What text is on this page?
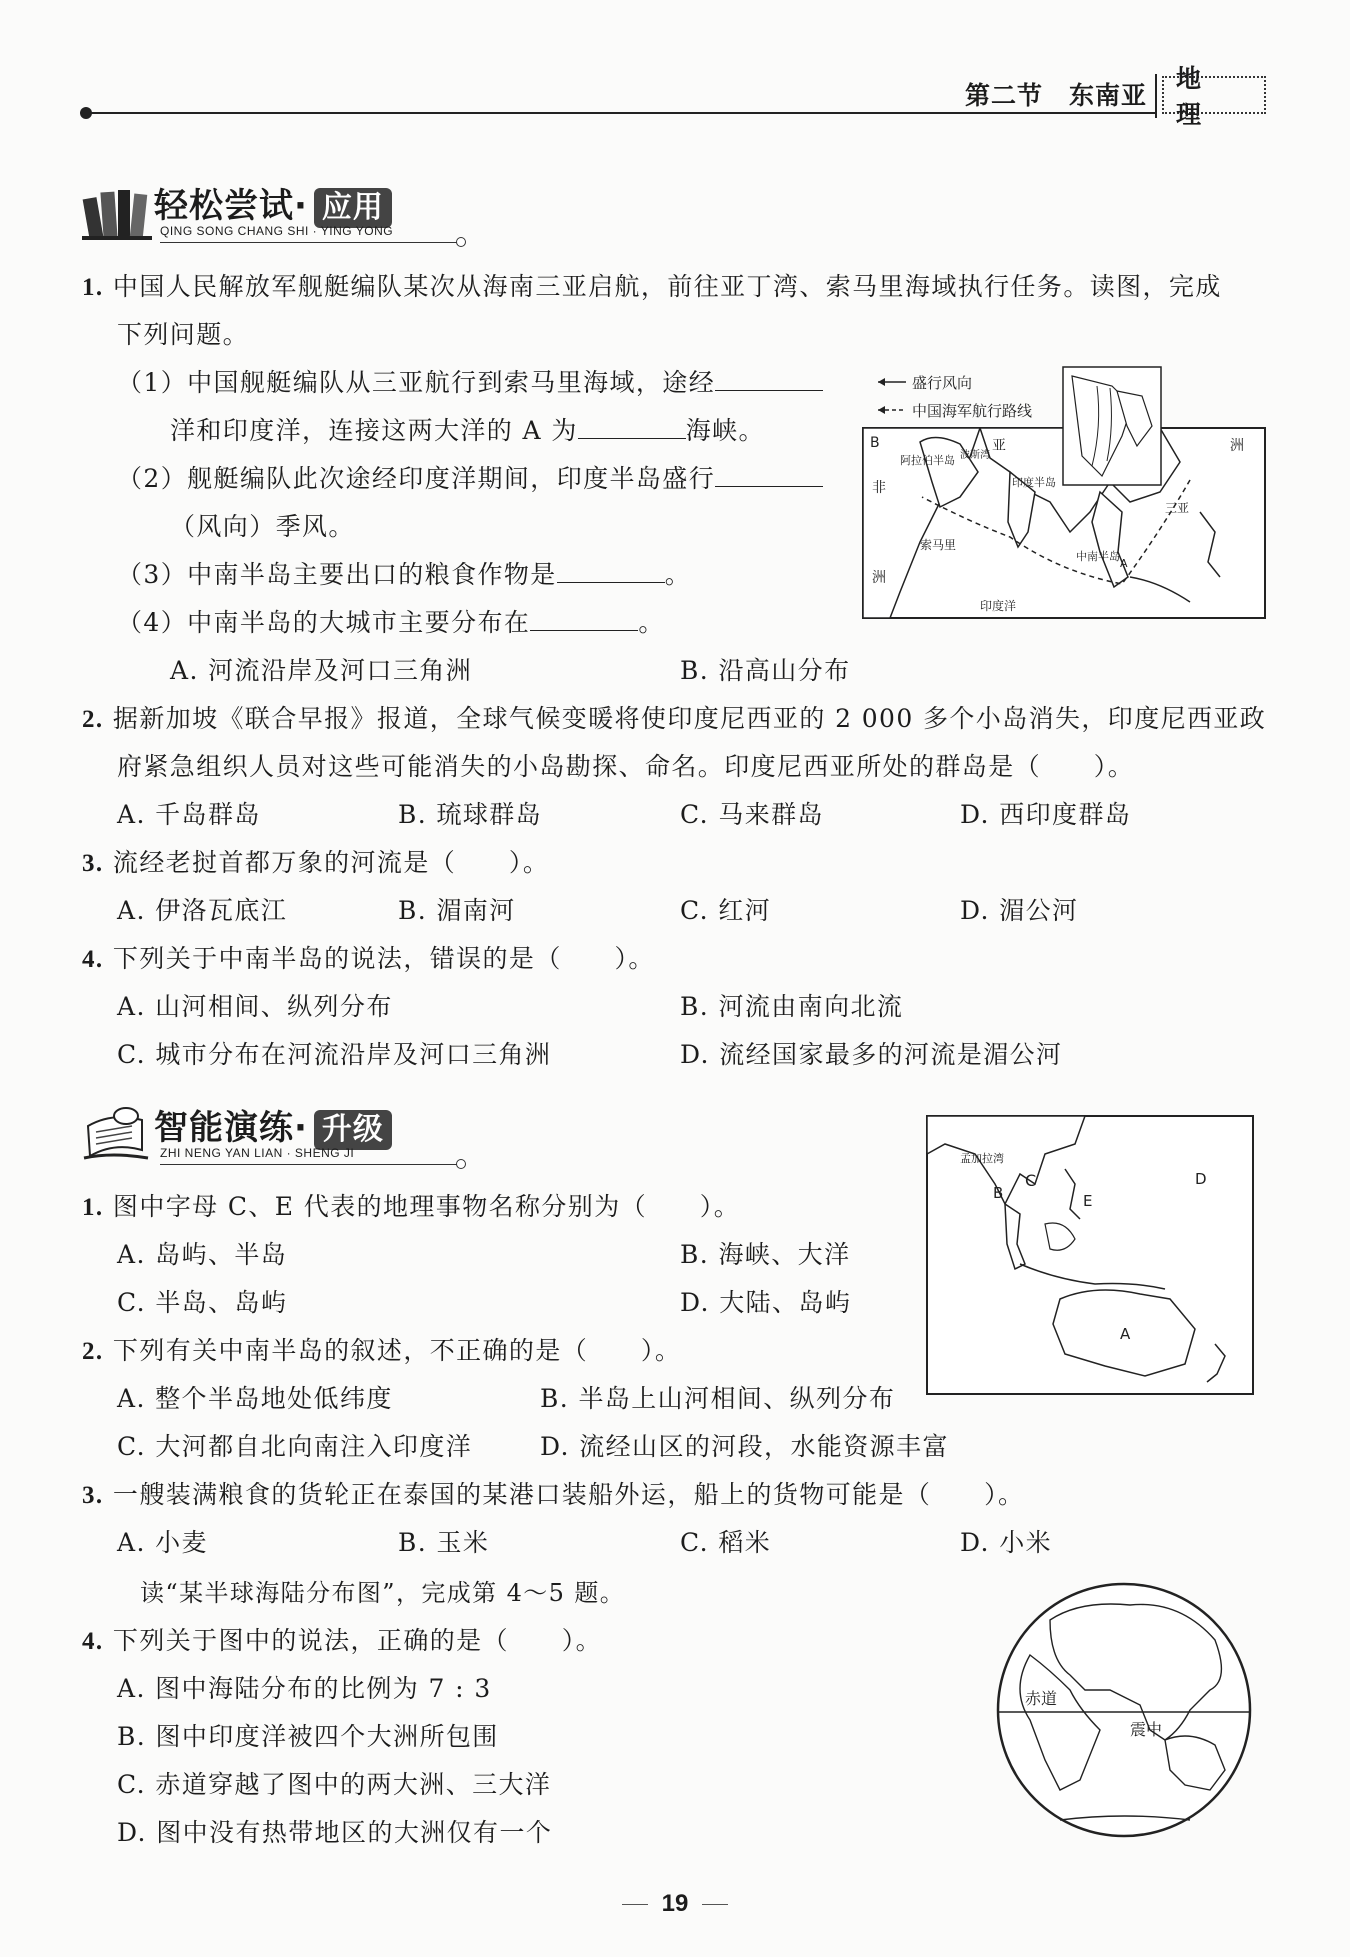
第二节　东南亚
地 理
轻松尝试· 应用
QING SONG CHANG SHI · YING YONG
1. 中国人民解放军舰艇编队某次从海南三亚启航，前往亚丁湾、索马里海域执行任务。读图，完成
下列问题。
（1）中国舰艇编队从三亚航行到索马里海域，途经
洋和印度洋，连接这两大洋的 A 为	海峡。
（2）舰艇编队此次途经印度洋期间，印度半岛盛行
（风向）季风。
（3）中南半岛主要出口的粮食作物是	。
（4）中南半岛的大城市主要分布在	。
A. 河流沿岸及河口三角洲	B. 沿高山分布
盛行风向
中国海军航行路线
B	亚	洲
非
洲
阿拉伯半岛
印度半岛
中南半岛
三亚
索马里
印度洋
波斯湾
A
2. 据新加坡《联合早报》报道，全球气候变暖将使印度尼西亚的 2 000 多个小岛消失，印度尼西亚政
府紧急组织人员对这些可能消失的小岛勘探、命名。印度尼西亚所处的群岛是（　　）。
A. 千岛群岛	B. 琉球群岛	C. 马来群岛	D. 西印度群岛
3. 流经老挝首都万象的河流是（　　）。
A. 伊洛瓦底江	B. 湄南河	C. 红河	D. 湄公河
4. 下列关于中南半岛的说法，错误的是（　　）。
A. 山河相间、纵列分布	B. 河流由南向北流
C. 城市分布在河流沿岸及河口三角洲	D. 流经国家最多的河流是湄公河
智能演练· 升级
ZHI NENG YAN LIAN · SHENG JI	孟加拉湾
C
B	E
D
A
1. 图中字母 C、E 代表的地理事物名称分别为（　　）。
A. 岛屿、半岛	B. 海峡、大洋
C. 半岛、岛屿	D. 大陆、岛屿
2. 下列有关中南半岛的叙述，不正确的是（　　）。
A. 整个半岛地处低纬度	B. 半岛上山河相间、纵列分布
C. 大河都自北向南注入印度洋	D. 流经山区的河段，水能资源丰富
3. 一艘装满粮食的货轮正在泰国的某港口装船外运，船上的货物可能是（　　）。
A. 小麦	B. 玉米	C. 稻米	D. 小米
读“某半球海陆分布图”，完成第 4～5 题。
赤道
震中
4. 下列关于图中的说法，正确的是（　　）。
A. 图中海陆分布的比例为 7 : 3
B. 图中印度洋被四个大洲所包围
C. 赤道穿越了图中的两大洲、三大洋
D. 图中没有热带地区的大洲仅有一个
19
